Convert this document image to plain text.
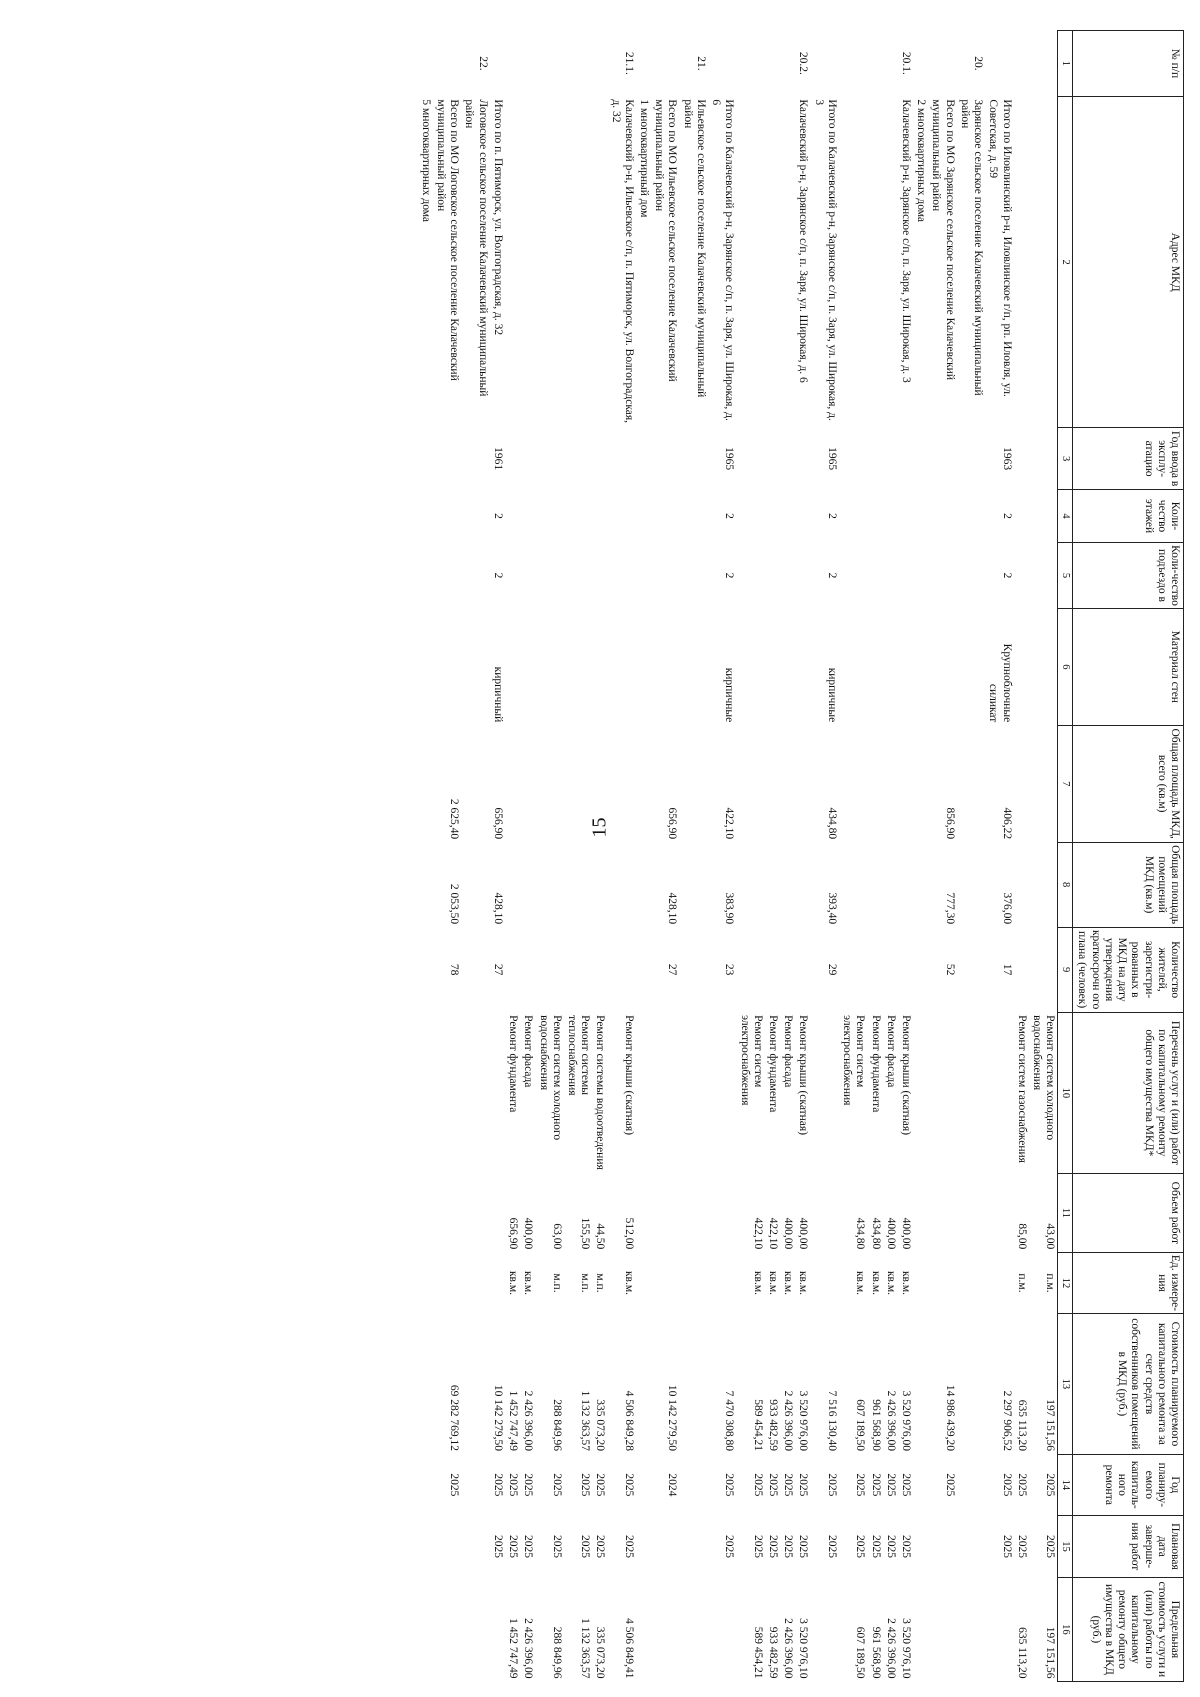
15
№ п/п	Адрес МКД	Год ввода в эксплу-атацию	Коли-чество этажей	Коли-чество подъездо в	Материал стен	Общая площадь МКД, всего (кв.м)	Общая площадь помещений МКД (кв.м)	Количество жителей, зарегистри-рованных в МКД на дату утверждения краткосрочн ого плана (человек)	Перечень услуг и (или) работ по капитальному ремонту общего имущества МКД*	Объем работ	Ед. измере-ния	Стоимость планируемого капитального ремонта за счет средств собственников помещений в МКД (руб.)	Год планиру-емого капиталь-ного ремонта	Плановая дата заверше-ния работ	Предельная стоимость услуги и (или) работы по капитальному ремонту общего имущества в МКД (руб.)
1	2	3	4	5	6	7	8	9	10	11	12	13	14	15	16
									Ремонт систем холодного водоснабжения	43,00	п.м.	197 151,56	2025	2025	197 151,56
									Ремонт систем газоснабжения	85,00	п.м.	635 113,20	2025	2025	635 113,20
	Итого по Иловлинский р-н, Иловлинское г/п, рп. Иловля, ул. Советская, д. 59	1963	2	2	Крупноблочные силикат	406,22	376,00	17				2 297 906,52	2025	2025	
20.	Зарянское сельское поселение Калачевский муниципальный район														
	Всего по МО Зарянское сельское поселение Калачевский муниципальный район					856,90	777,30	52				14 986 439,20	2025		
	2 многоквартирных дома														
20.1.	Калачевский р-н, Зарянское с/п, п. Заря, ул. Широкая, д. 3								Ремонт крыши (скатная)	400,00	кв.м.	3 520 976,00	2025	2025	3 520 976,10
									Ремонт фасада	400,00	кв.м.	2 426 396,00	2025	2025	2 426 396,00
									Ремонт фундамента	434,80	кв.м.	961 568,90	2025	2025	961 568,90
									Ремонт систем электроснабжения	434,80	кв.м.	607 189,50	2025	2025	607 189,50
	Итого по Калачевский р-н, Зарянское с/п, п. Заря, ул. Широкая, д. 3	1965	2	2	кирпичные	434,80	393,40	29				7 516 130,40	2025	2025	
20.2.	Калачевский р-н, Зарянское с/п, п. Заря, ул. Широкая, д. 6								Ремонт крыши (скатная)	400,00	кв.м.	3 520 976,00	2025	2025	3 520 976,10
									Ремонт фасада	400,00	кв.м.	2 426 396,00	2025	2025	2 426 396,00
									Ремонт фундамента	422,10	кв.м.	933 482,59	2025	2025	933 482,59
									Ремонт систем электроснабжения	422,10	кв.м.	589 454,21	2025	2025	589 454,21
	Итого по Калачевский р-н, Зарянское с/п, п. Заря, ул. Широкая, д. 6	1965	2	2	кирпичные	422,10	383,90	23				7 470 308,80	2025	2025	
21.	Ильевское сельское поселение Калачевский муниципальный район														
	Всего по МО Ильевское сельское поселение Калачевский муниципальный район					656,90	428,10	27				10 142 279,50	2024		
	1 многоквартирный дом														
21.1.	Калачевский р-н, Ильевское с/п, п. Пятиморск, ул. Волгоградская, д. 32								Ремонт крыши (скатная)	512,00	кв.м.	4 506 849,28	2025	2025	4 506 849,41
									Ремонт системы водоотведения	44,50	м.п.	335 073,20	2025	2025	335 073,20
									Ремонт системы теплоснабжения	155,50	м.п.	1 132 363,57	2025	2025	1 132 363,57
									Ремонт систем холодного водоснабжения	63,00	м.п.	288 849,96	2025	2025	288 849,96
									Ремонт фасада	400,00	кв.м.	2 426 396,00	2025	2025	2 426 396,00
									Ремонт фундамента	656,90	кв.м.	1 452 747,49	2025	2025	1 452 747,49
	Итого по п. Пятиморск, ул. Волгоградская, д. 32	1961	2	2	кирпичный	656,90	428,10	27				10 142 279,50	2025	2025	
22.	Логовское сельское поселение Калачевский муниципальный район														
	Всего по МО Логовское сельское поселение Калачевский муниципальный район					2 625,40	2 053,50	78				69 282 769,12	2025		
	5 многоквартирных дома														
